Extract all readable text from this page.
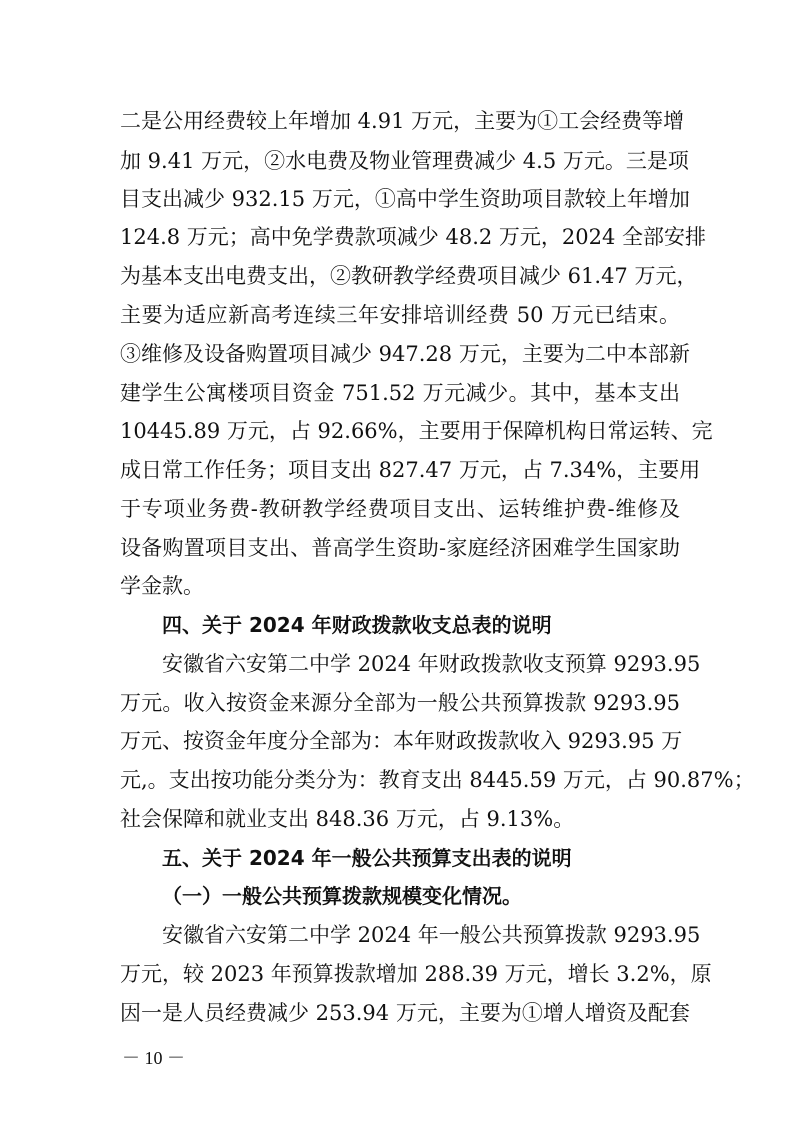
二是公用经费较上年增加 4.91 万元，主要为①工会经费等增
加 9.41 万元，②水电费及物业管理费减少 4.5 万元。三是项
目支出减少 932.15 万元，①高中学生资助项目款较上年增加
124.8 万元；高中免学费款项减少 48.2 万元，2024 全部安排
为基本支出电费支出，②教研教学经费项目减少 61.47 万元，
主要为适应新高考连续三年安排培训经费 50 万元已结束。
③维修及设备购置项目减少 947.28 万元，主要为二中本部新
建学生公寓楼项目资金 751.52 万元减少。其中，基本支出
10445.89 万元，占 92.66%，主要用于保障机构日常运转、完
成日常工作任务；项目支出 827.47 万元，占 7.34%，主要用
于专项业务费-教研教学经费项目支出、运转维护费-维修及
设备购置项目支出、普高学生资助-家庭经济困难学生国家助
学金款。
四、关于 2024 年财政拨款收支总表的说明
安徽省六安第二中学 2024 年财政拨款收支预算 9293.95
万元。收入按资金来源分全部为一般公共预算拨款 9293.95
万元、按资金年度分全部为：本年财政拨款收入 9293.95 万
元,。支出按功能分类分为：教育支出 8445.59 万元，占 90.87%；
社会保障和就业支出 848.36 万元，占 9.13%。
五、关于 2024 年一般公共预算支出表的说明
（一）一般公共预算拨款规模变化情况。
安徽省六安第二中学 2024 年一般公共预算拨款 9293.95
万元，较 2023 年预算拨款增加 288.39 万元，增长 3.2%，原
因一是人员经费减少 253.94 万元，主要为①增人增资及配套
－ 10 －
